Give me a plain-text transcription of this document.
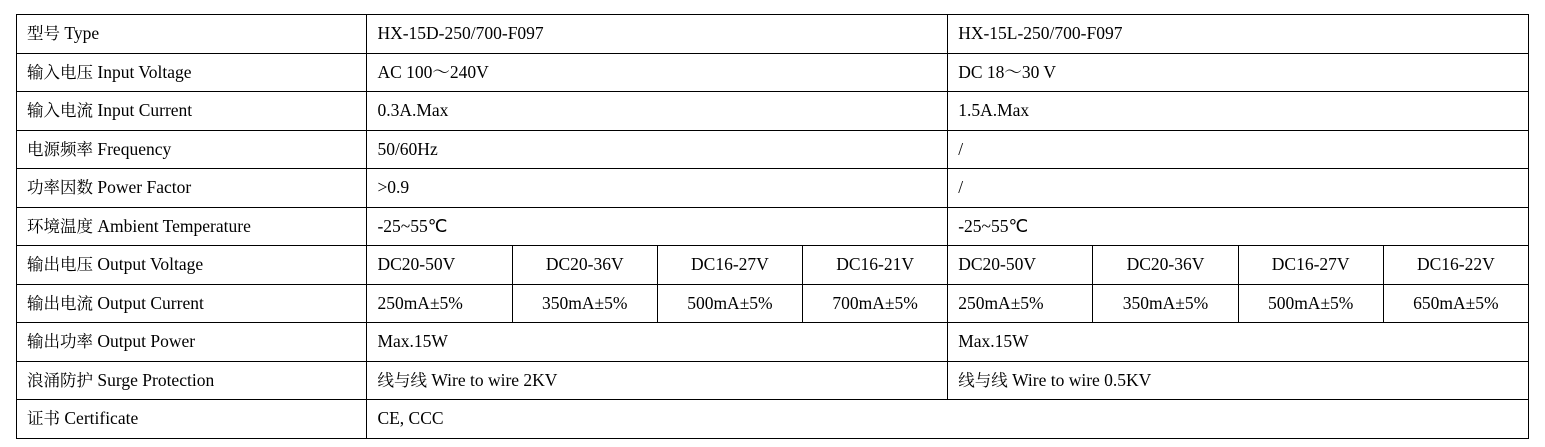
型号 Type	HX-15D-250/700-F097				HX-15L-250/700-F097			
输入电压 Input Voltage	AC 100～240V				DC 18～30 V			
输入电流 Input Current	0.3A.Max				1.5A.Max			
电源频率 Frequency	50/60Hz				/			
功率因数 Power Factor	>0.9				/			
环境温度 Ambient Temperature	-25~55℃				-25~55℃			
输出电压 Output Voltage	DC20-50V	DC20-36V	DC16-27V	DC16-21V	DC20-50V	DC20-36V	DC16-27V	DC16-22V
输出电流 Output Current	250mA±5%	350mA±5%	500mA±5%	700mA±5%	250mA±5%	350mA±5%	500mA±5%	650mA±5%
输出功率 Output Power	Max.15W				Max.15W			
浪涌防护 Surge Protection	线与线 Wire to wire 2KV				线与线 Wire to wire 0.5KV			
证书 Certificate	CE, CCC							
